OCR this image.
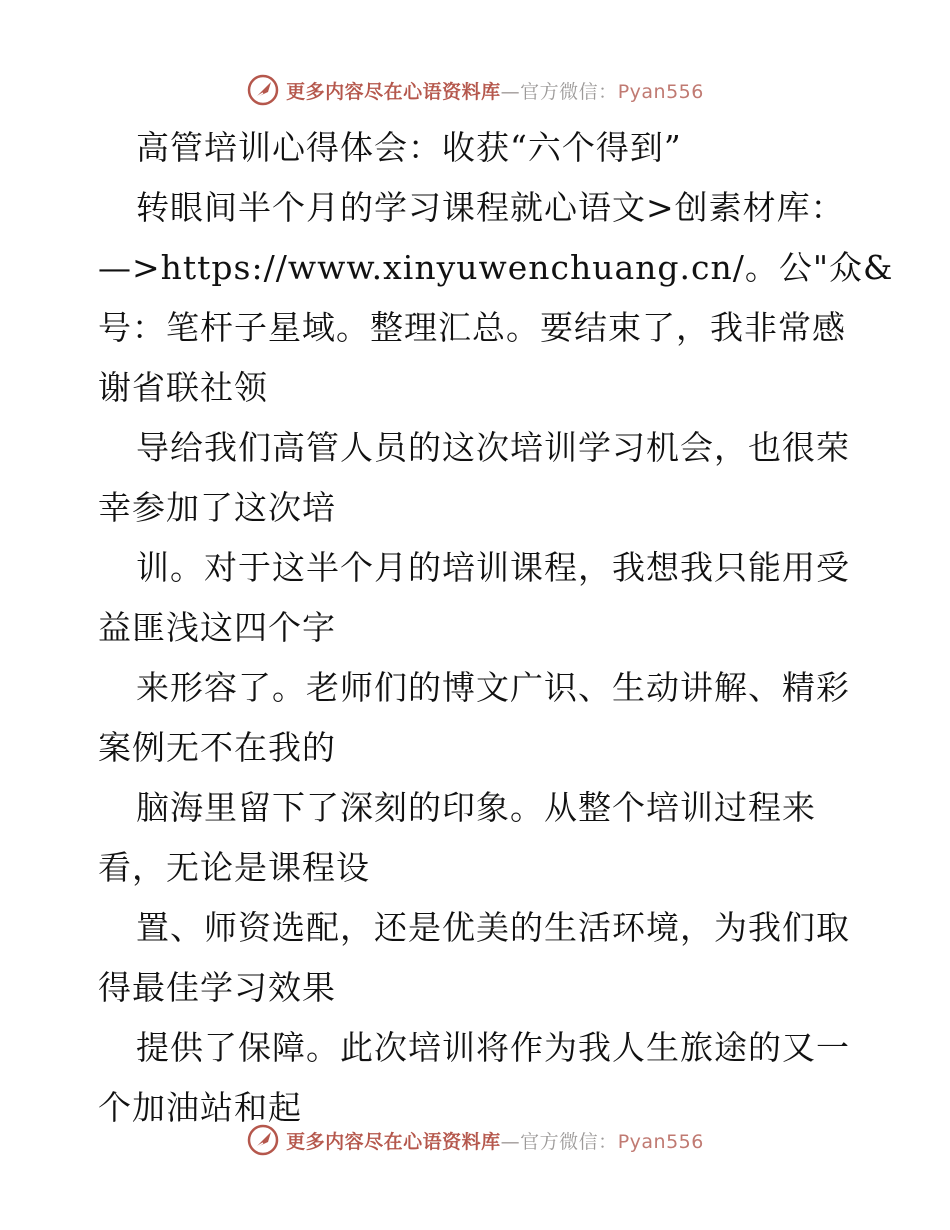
更多内容尽在心语资料库—官方微信：Pyan556
高管培训心得体会：收获“六个得到”
转眼间半个月的学习课程就心语文>创素材库：
—>https://www.xinyuwenchuang.cn/。公"众&
号：笔杆子星域。整理汇总。要结束了，我非常感
谢省联社领
导给我们高管人员的这次培训学习机会，也很荣
幸参加了这次培
训。对于这半个月的培训课程，我想我只能用受
益匪浅这四个字
来形容了。老师们的博文广识、生动讲解、精彩
案例无不在我的
脑海里留下了深刻的印象。从整个培训过程来
看，无论是课程设
置、师资选配，还是优美的生活环境，为我们取
得最佳学习效果
提供了保障。此次培训将作为我人生旅途的又一
个加油站和起
更多内容尽在心语资料库—官方微信：Pyan556
